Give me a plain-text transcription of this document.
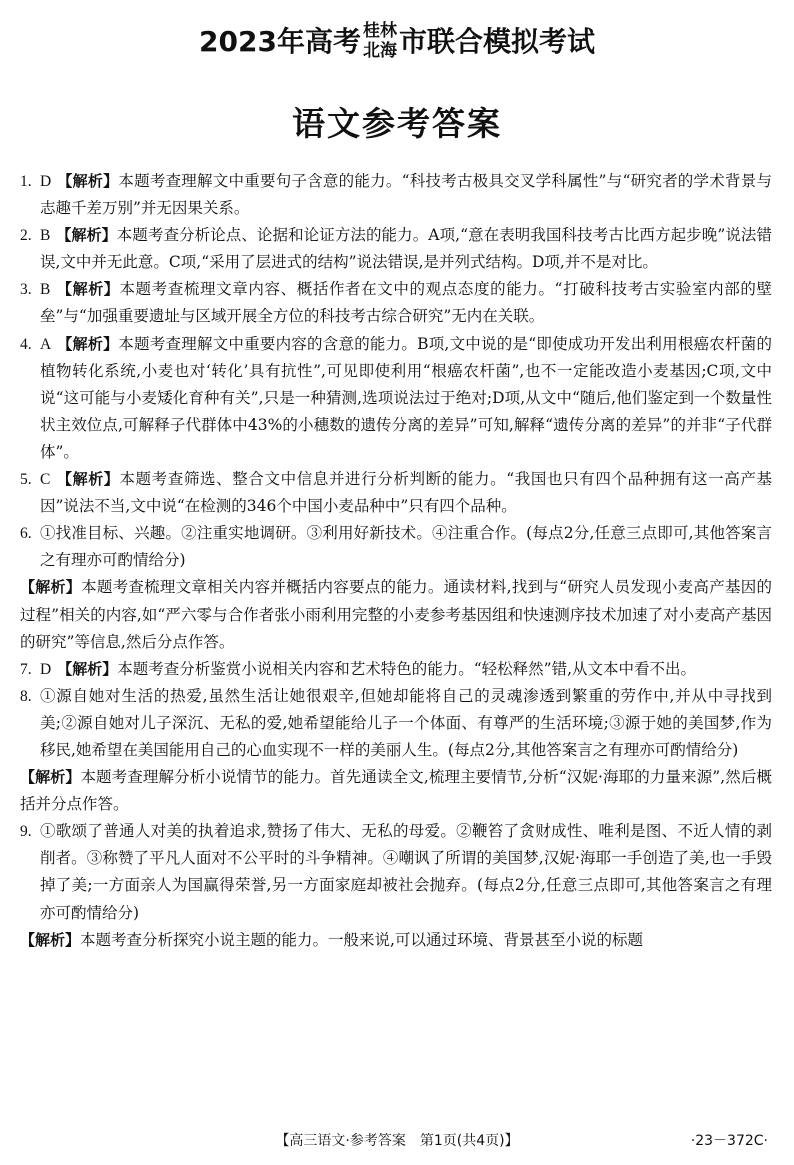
2023年高考 桂林
北海 市联合模拟考试
语文参考答案
1. D 【解析】本题考查理解文中重要句子含意的能力。“科技考古极具交叉学科属性”与“研究者的学术背景与志趣千差万别”并无因果关系。
2. B 【解析】本题考查分析论点、论据和论证方法的能力。A项,“意在表明我国科技考古比西方起步晚”说法错误,文中并无此意。C项,“采用了层进式的结构”说法错误,是并列式结构。D项,并不是对比。
3. B 【解析】本题考查梳理文章内容、概括作者在文中的观点态度的能力。“打破科技考古实验室内部的壁垒”与“加强重要遗址与区域开展全方位的科技考古综合研究”无内在关联。
4. A 【解析】本题考查理解文中重要内容的含意的能力。B项,文中说的是“即使成功开发出利用根癌农杆菌的植物转化系统,小麦也对‘转化’具有抗性”,可见即使利用“根癌农杆菌”,也不一定能改造小麦基因;C项,文中说“这可能与小麦矮化育种有关”,只是一种猜测,选项说法过于绝对;D项,从文中“随后,他们鉴定到一个数量性状主效位点,可解释子代群体中43%的小穗数的遗传分离的差异”可知,解释“遗传分离的差异”的并非“子代群体”。
5. C 【解析】本题考查筛选、整合文中信息并进行分析判断的能力。“我国也只有四个品种拥有这一高产基因”说法不当,文中说“在检测的346个中国小麦品种中”只有四个品种。
6. ①找准目标、兴趣。②注重实地调研。③利用好新技术。④注重合作。(每点2分,任意三点即可,其他答案言之有理亦可酌情给分)
【解析】本题考查梳理文章相关内容并概括内容要点的能力。通读材料,找到与“研究人员发现小麦高产基因的过程”相关的内容,如“严六零与合作者张小雨利用完整的小麦参考基因组和快速测序技术加速了对小麦高产基因的研究”等信息,然后分点作答。
7. D 【解析】本题考查分析鉴赏小说相关内容和艺术特色的能力。“轻松释然”错,从文本中看不出。
8. ①源自她对生活的热爱,虽然生活让她很艰辛,但她却能将自己的灵魂渗透到繁重的劳作中,并从中寻找到美;②源自她对儿子深沉、无私的爱,她希望能给儿子一个体面、有尊严的生活环境;③源于她的美国梦,作为移民,她希望在美国能用自己的心血实现不一样的美丽人生。(每点2分,其他答案言之有理亦可酌情给分)
【解析】本题考查理解分析小说情节的能力。首先通读全文,梳理主要情节,分析“汉妮·海耶的力量来源”,然后概括并分点作答。
9. ①歌颂了普通人对美的执着追求,赞扬了伟大、无私的母爱。②鞭笞了贪财成性、唯利是图、不近人情的剥削者。③称赞了平凡人面对不公平时的斗争精神。④嘲讽了所谓的美国梦,汉妮·海耶一手创造了美,也一手毁掉了美;一方面亲人为国赢得荣誉,另一方面家庭却被社会抛弃。(每点2分,任意三点即可,其他答案言之有理亦可酌情给分)
【解析】本题考查分析探究小说主题的能力。一般来说,可以通过环境、背景甚至小说的标题
【高三语文·参考答案　第1页(共4页)】	·23－372C·
